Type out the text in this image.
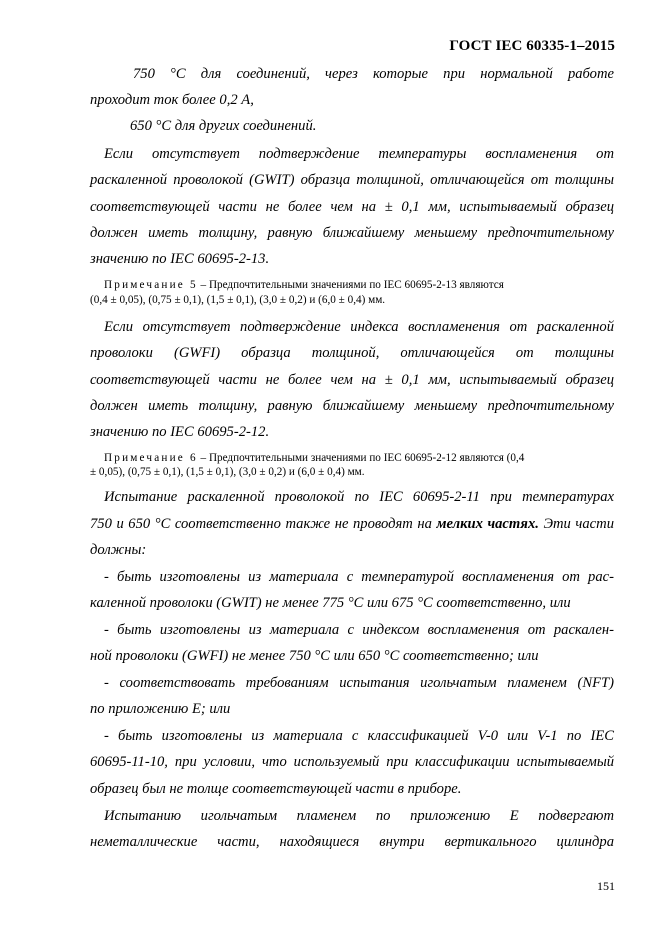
ГОСТ IEC 60335-1–2015
750 °С для соединений, через которые при нормальной работе
проходит ток более 0,2 А,
650 °С для других соединений.
Если отсутствует подтверждение температуры воспламенения от
раскаленной проволокой (GWIT) образца толщиной, отличающейся от толщины
соответствующей части не более чем на ± 0,1 мм, испытываемый образец
должен иметь толщину, равную ближайшему меньшему предпочтительному
значению по IEC 60695-2-13.
Примечание 5 – Предпочтительными значениями по IEC 60695-2-13 являются
(0,4 ± 0,05), (0,75 ± 0,1), (1,5 ± 0,1), (3,0 ± 0,2) и (6,0 ± 0,4) мм.
Если отсутствует подтверждение индекса воспламенения от раскаленной
проволоки (GWFI) образца толщиной, отличающейся от толщины
соответствующей части не более чем на ± 0,1 мм, испытываемый образец
должен иметь толщину, равную ближайшему меньшему предпочтительному
значению по IEC 60695-2-12.
Примечание 6 – Предпочтительными значениями по IEC 60695-2-12 являются (0,4
± 0,05), (0,75 ± 0,1), (1,5 ± 0,1), (3,0 ± 0,2) и (6,0 ± 0,4) мм.
Испытание раскаленной проволокой по IEC 60695-2-11 при температурах
750 и 650 °С соответственно также не проводят на мелких частях. Эти части
должны:
- быть изготовлены из материала с температурой воспламенения от рас-
каленной проволоки (GWIT) не менее 775 °С или 675 °С соответственно, или
- быть изготовлены из материала с индексом воспламенения от раскален-
ной проволоки (GWFI) не менее 750 °С или 650 °С соответственно; или
- соответствовать требованиям испытания игольчатым пламенем (NFT)
по приложению Е; или
- быть изготовлены из материала с классификацией V-0 или V-1 по IEC
60695-11-10, при условии, что используемый при классификации испытываемый
образец был не толще соответствующей части в приборе.
Испытанию игольчатым пламенем по приложению Е подвергают
неметаллические части, находящиеся внутри вертикального цилиндра
151
